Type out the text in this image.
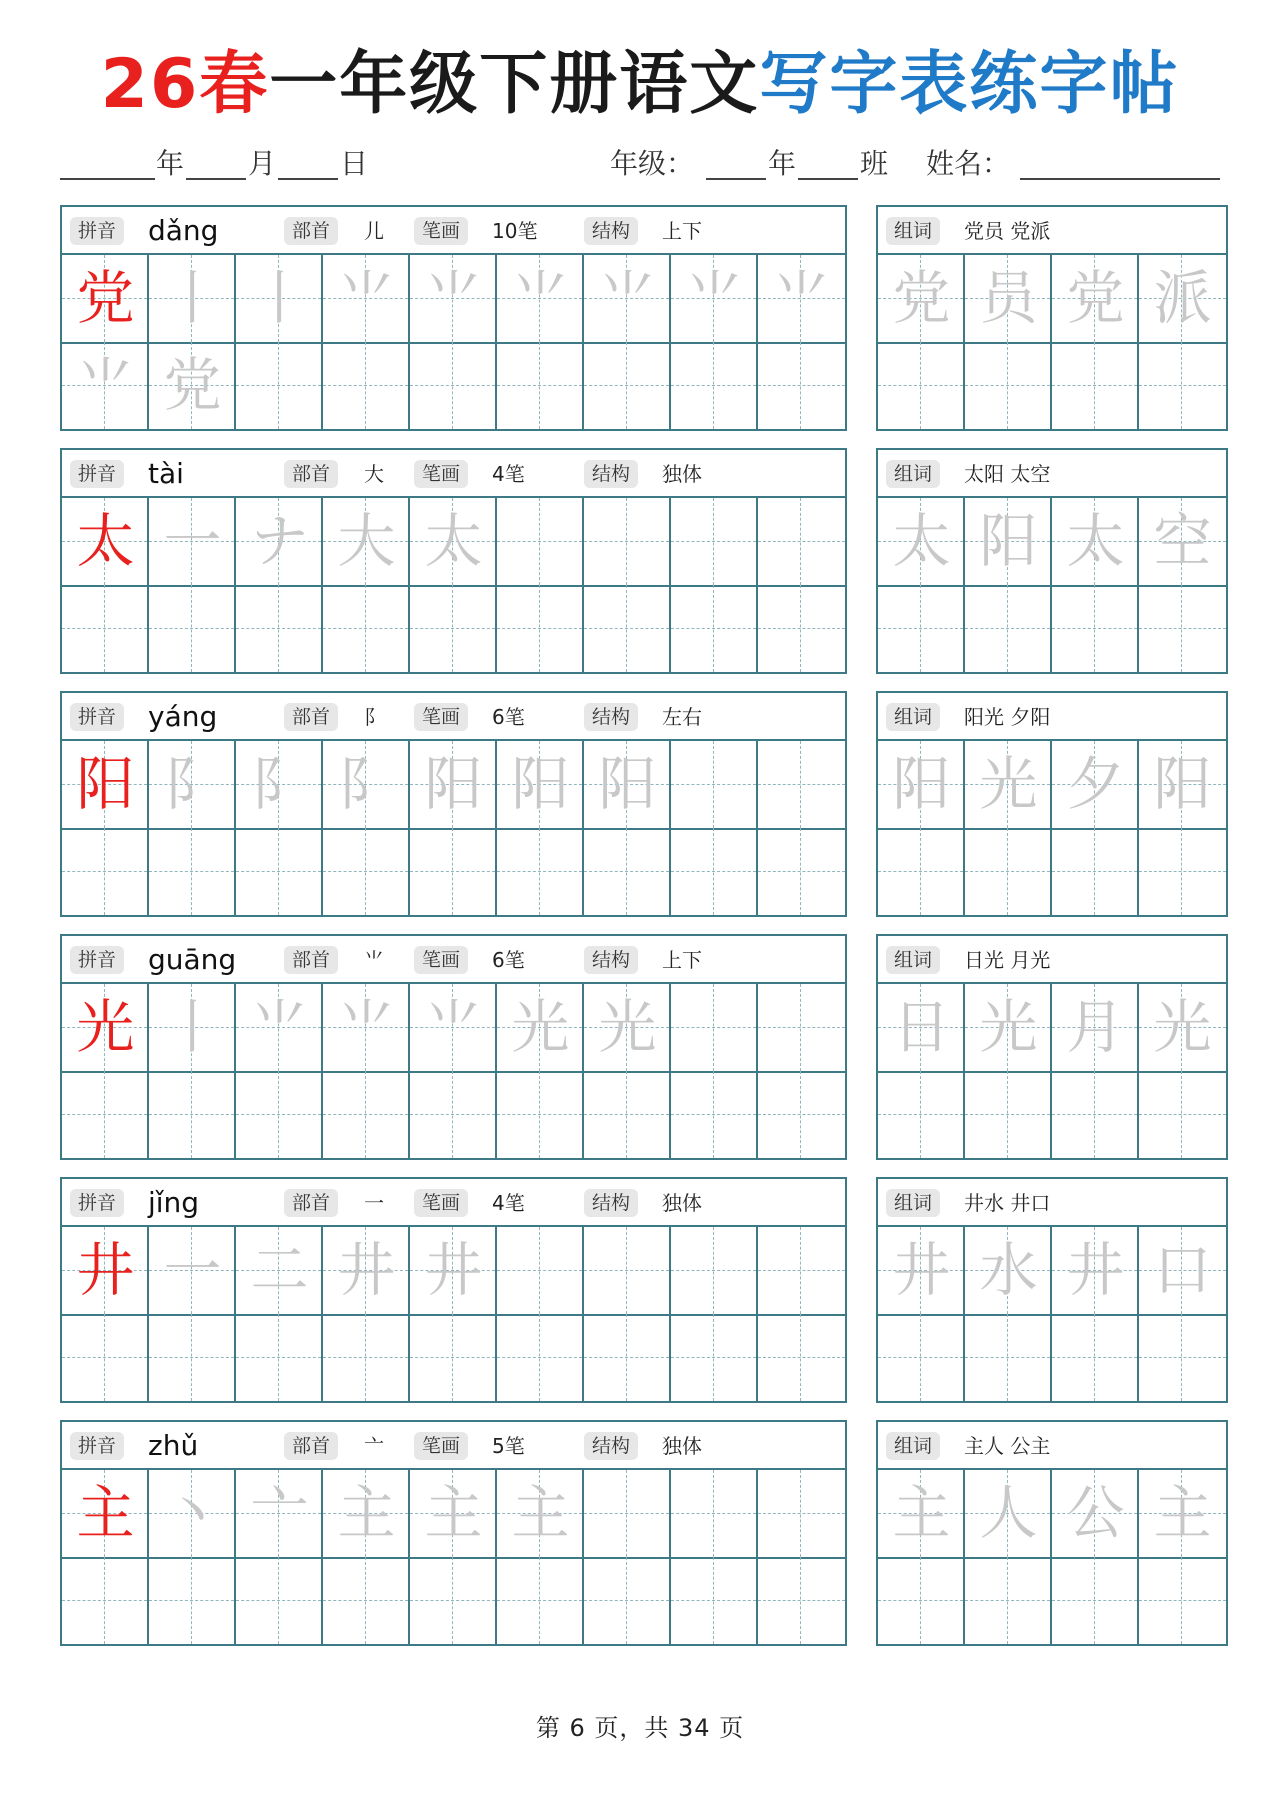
26春一年级下册语文写字表练字帖
年 月 日	年级：	年 班 姓名：
拼音 dǎng	部首	儿	笔画	10笔	结构	上下
党 丨 丨 ⺌ ⺌ ⺌ ⺌ ⺌ ⺌
⺌ 党
组词	党员 党派
党 员 党 派
拼音 tài	部首	大	笔画	4笔	结构	独体
太 一 ナ 大 太
组词	太阳 太空
太 阳 太 空
拼音 yáng	部首	阝	笔画	6笔	结构	左右
阳 阝 阝 阝 阳 阳 阳
组词	阳光 夕阳
阳 光 夕 阳
拼音 guāng	部首	⺌	笔画	6笔	结构	上下
光 丨 ⺌ ⺌ ⺌ 光 光
组词	日光 月光
日 光 月 光
拼音 jǐng	部首	一	笔画	4笔	结构	独体
井 一 二 井 井
组词	井水 井口
井 水 井 口
拼音 zhǔ	部首	亠	笔画	5笔	结构	独体
主 丶 亠 主 主 主
组词	主人 公主
主 人 公 主
第 6 页，共 34 页
